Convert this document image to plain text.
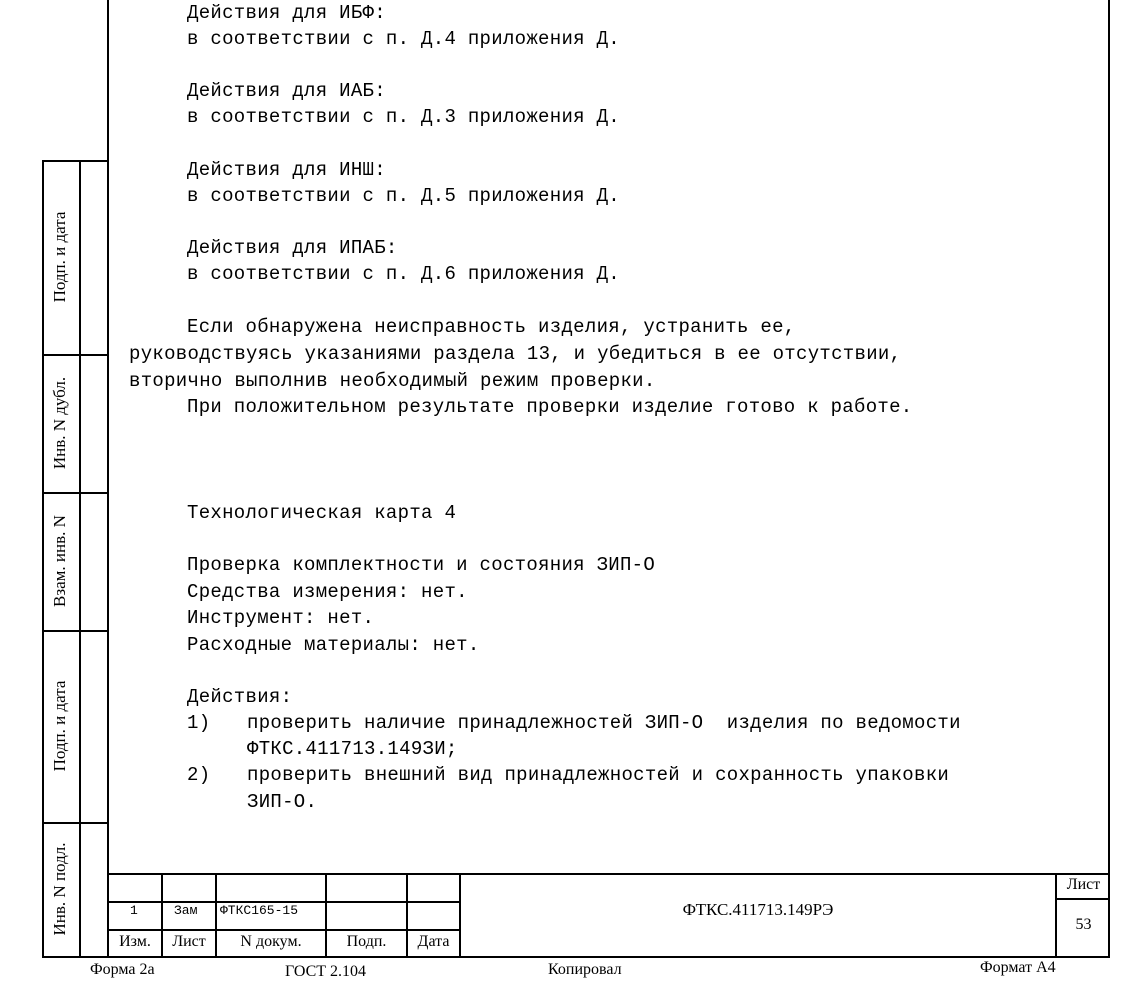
Подп. и дата
Инв. N дубл.
Взам. инв. N
Подп. и дата
Инв. N подл.
Действия для ИБФ:
в соответствии с п. Д.4 приложения Д.
Действия для ИАБ:
в соответствии с п. Д.3 приложения Д.
Действия для ИНШ:
в соответствии с п. Д.5 приложения Д.
Действия для ИПАБ:
в соответствии с п. Д.6 приложения Д.
Если обнаружена неисправность изделия, устранить ее,
руководствуясь указаниями раздела 13, и убедиться в ее отсутствии,
вторично выполнив необходимый режим проверки.
При положительном результате проверки изделие готово к работе.
Технологическая карта 4
Проверка комплектности и состояния ЗИП-О
Средства измерения: нет.
Инструмент: нет.
Расходные материалы: нет.
Действия:
1) проверить наличие принадлежностей ЗИП-О  изделия по ведомости
ФТКС.411713.149ЗИ;
2) проверить внешний вид принадлежностей и сохранность упаковки
ЗИП-О.
1	Зам ФТКС165-15
Изм.	Лист	N докум.	Подп.	Дата
ФТКС.411713.149РЭ
Лист
53
Форма 2а	ГОСТ 2.104	Копировал	Формат А4
